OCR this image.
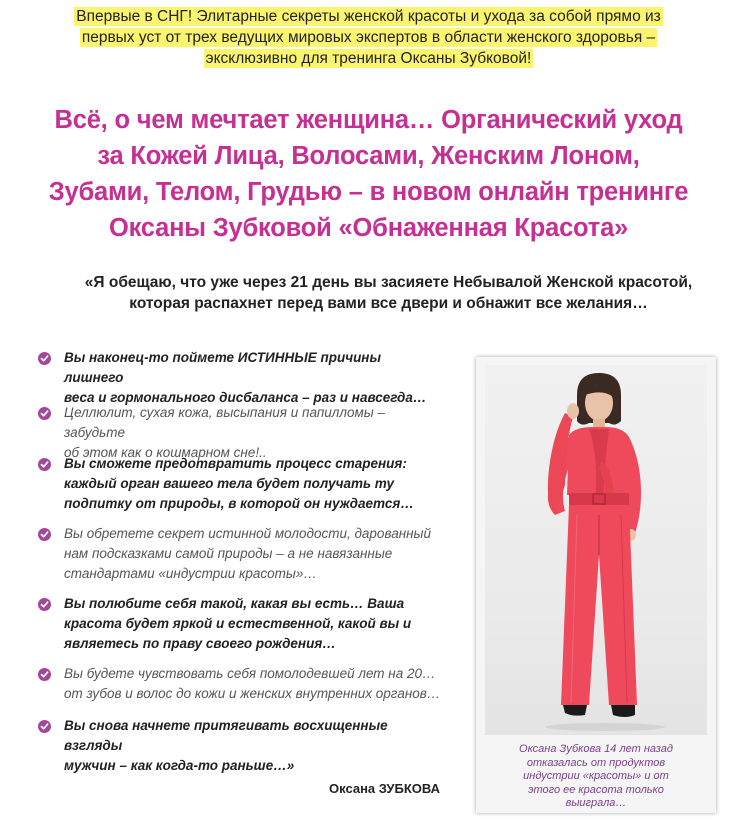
Впервые в СНГ! Элитарные секреты женской красоты и ухода за собой прямо из
первых уст от трех ведущих мировых экспертов в области женского здоровья –
эксклюзивно для тренинга Оксаны Зубковой!
Всё, о чем мечтает женщина… Органический уход
за Кожей Лица, Волосами, Женским Лоном,
Зубами, Телом, Грудью – в новом онлайн тренинге
Оксаны Зубковой «Обнаженная Красота»
«Я обещаю, что уже через 21 день вы засияете Небывалой Женской красотой,
которая распахнет перед вами все двери и обнажит все желания…
Вы наконец-то поймете ИСТИННЫЕ причины лишнего
веса и гормонального дисбаланса – раз и навсегда…
Целлюлит, сухая кожа, высыпания и папилломы – забудьте
об этом как о кошмарном сне!..
Вы сможете предотвратить процесс старения:
каждый орган вашего тела будет получать ту
подпитку от природы, в которой он нуждается…
Вы обретете секрет истинной молодости, дарованный
нам подсказками самой природы – а не навязанные
стандартами «индустрии красоты»…
Вы полюбите себя такой, какая вы есть… Ваша
красота будет яркой и естественной, какой вы и
являетесь по праву своего рождения…
Вы будете чувствовать себя помолодевшей лет на 20…
от зубов и волос до кожи и женских внутренних органов…
Вы снова начнете притягивать восхищенные взгляды
мужчин – как когда-то раньше…»
Оксана ЗУБКОВА
Оксана Зубкова 14 лет назад
отказалась от продуктов
индустрии «красоты» и от
этого ее красота только
выиграла…
